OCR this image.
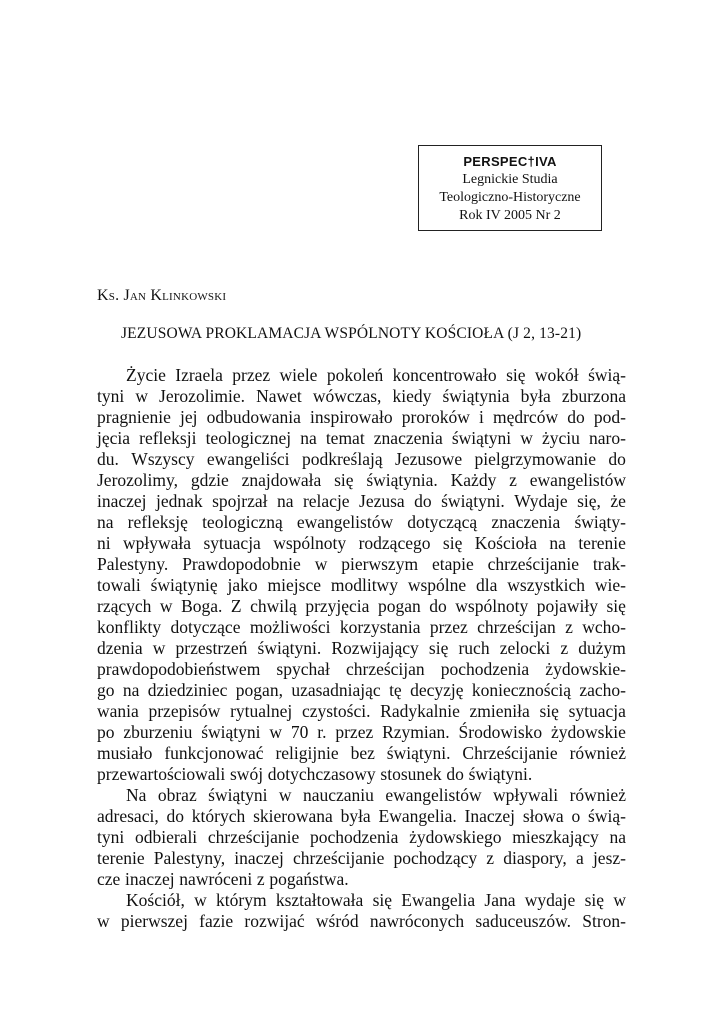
PERSPEC†IVA
Legnickie Studia
Teologiczno-Historyczne
Rok IV 2005 Nr 2
Ks. Jan Klinkowski
JEZUSOWA PROKLAMACJA WSPÓLNOTY KOŚCIOŁA (J 2, 13-21)
Życie Izraela przez wiele pokoleń koncentrowało się wokół świą-
tyni w Jerozolimie. Nawet wówczas, kiedy świątynia była zburzona
pragnienie jej odbudowania inspirowało proroków i mędrców do pod-
jęcia refleksji teologicznej na temat znaczenia świątyni w życiu naro-
du. Wszyscy ewangeliści podkreślają Jezusowe pielgrzymowanie do
Jerozolimy, gdzie znajdowała się świątynia. Każdy z ewangelistów
inaczej jednak spojrzał na relacje Jezusa do świątyni. Wydaje się, że
na refleksję teologiczną ewangelistów dotyczącą znaczenia świąty-
ni wpływała sytuacja wspólnoty rodzącego się Kościoła na terenie
Palestyny. Prawdopodobnie w pierwszym etapie chrześcijanie trak-
towali świątynię jako miejsce modlitwy wspólne dla wszystkich wie-
rzących w Boga. Z chwilą przyjęcia pogan do wspólnoty pojawiły się
konflikty dotyczące możliwości korzystania przez chrześcijan z wcho-
dzenia w przestrzeń świątyni. Rozwijający się ruch zelocki z dużym
prawdopodobieństwem spychał chrześcijan pochodzenia żydowskie-
go na dziedziniec pogan, uzasadniając tę decyzję koniecznością zacho-
wania przepisów rytualnej czystości. Radykalnie zmieniła się sytuacja
po zburzeniu świątyni w 70 r. przez Rzymian. Środowisko żydowskie
musiało funkcjonować religijnie bez świątyni. Chrześcijanie również
przewartościowali swój dotychczasowy stosunek do świątyni.
Na obraz świątyni w nauczaniu ewangelistów wpływali również
adresaci, do których skierowana była Ewangelia. Inaczej słowa o świą-
tyni odbierali chrześcijanie pochodzenia żydowskiego mieszkający na
terenie Palestyny, inaczej chrześcijanie pochodzący z diaspory, a jesz-
cze inaczej nawróceni z pogaństwa.
Kościół, w którym kształtowała się Ewangelia Jana wydaje się w
w pierwszej fazie rozwijać wśród nawróconych saduceuszów. Stron-
